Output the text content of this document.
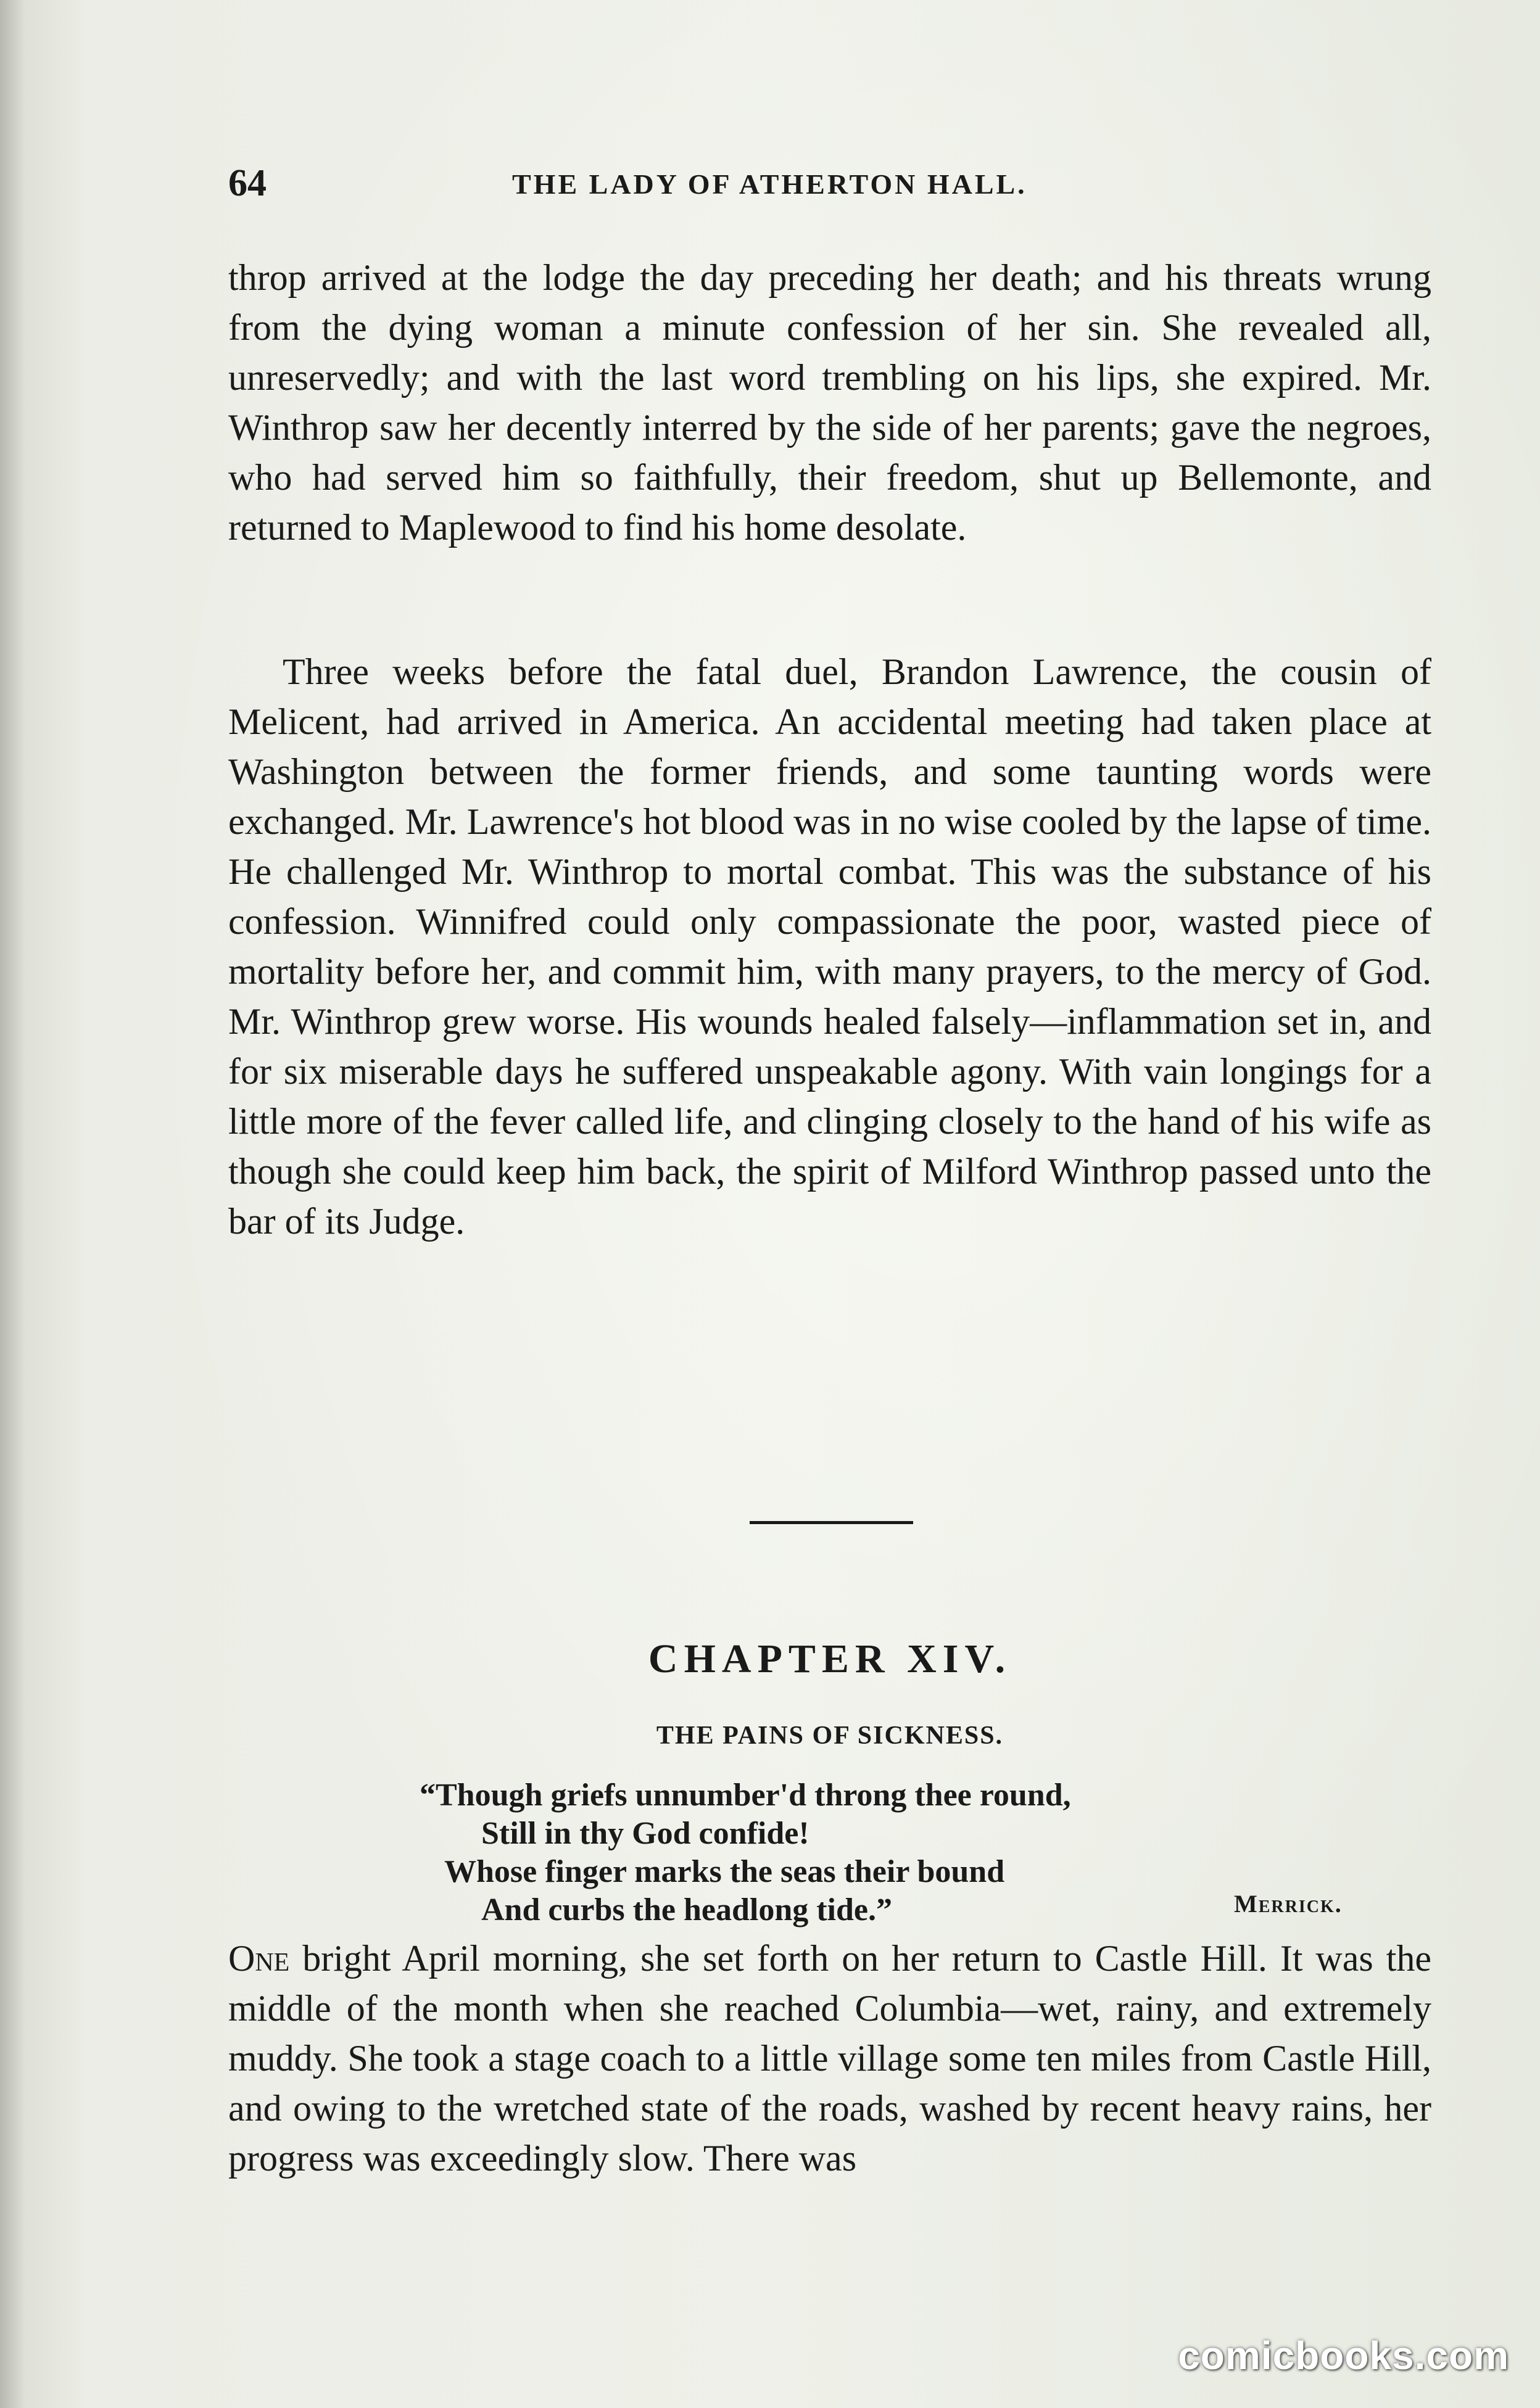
64	THE LADY OF ATHERTON HALL.

throp arrived at the lodge the day preceding her death; and his threats wrung from the dying woman a minute confession of her sin. She revealed all, unreservedly; and with the last word trembling on his lips, she expired. Mr. Winthrop saw her decently interred by the side of her parents; gave the negroes, who had served him so faithfully, their freedom, shut up Bellemonte, and returned to Maplewood to find his home desolate.

Three weeks before the fatal duel, Brandon Lawrence, the cousin of Melicent, had arrived in America. An accidental meeting had taken place at Washington between the former friends, and some taunting words were exchanged. Mr. Lawrence's hot blood was in no wise cooled by the lapse of time. He challenged Mr. Winthrop to mortal combat. This was the substance of his confession. Winnifred could only compassionate the poor, wasted piece of mortality before her, and commit him, with many prayers, to the mercy of God. Mr. Winthrop grew worse. His wounds healed falsely—inflammation set in, and for six miserable days he suffered unspeakable agony. With vain longings for a little more of the fever called life, and clinging closely to the hand of his wife as though she could keep him back, the spirit of Milford Winthrop passed unto the bar of its Judge.

CHAPTER XIV.
THE PAINS OF SICKNESS.
“Though griefs unnumber'd throng thee round,
Still in thy God confide!
Whose finger marks the seas their bound
And curbs the headlong tide.”	Merrick.

One bright April morning, she set forth on her return to Castle Hill. It was the middle of the month when she reached Columbia—wet, rainy, and extremely muddy. She took a stage coach to a little village some ten miles from Castle Hill, and owing to the wretched state of the roads, washed by recent heavy rains, her progress was exceedingly slow. There was

comicbooks.com
